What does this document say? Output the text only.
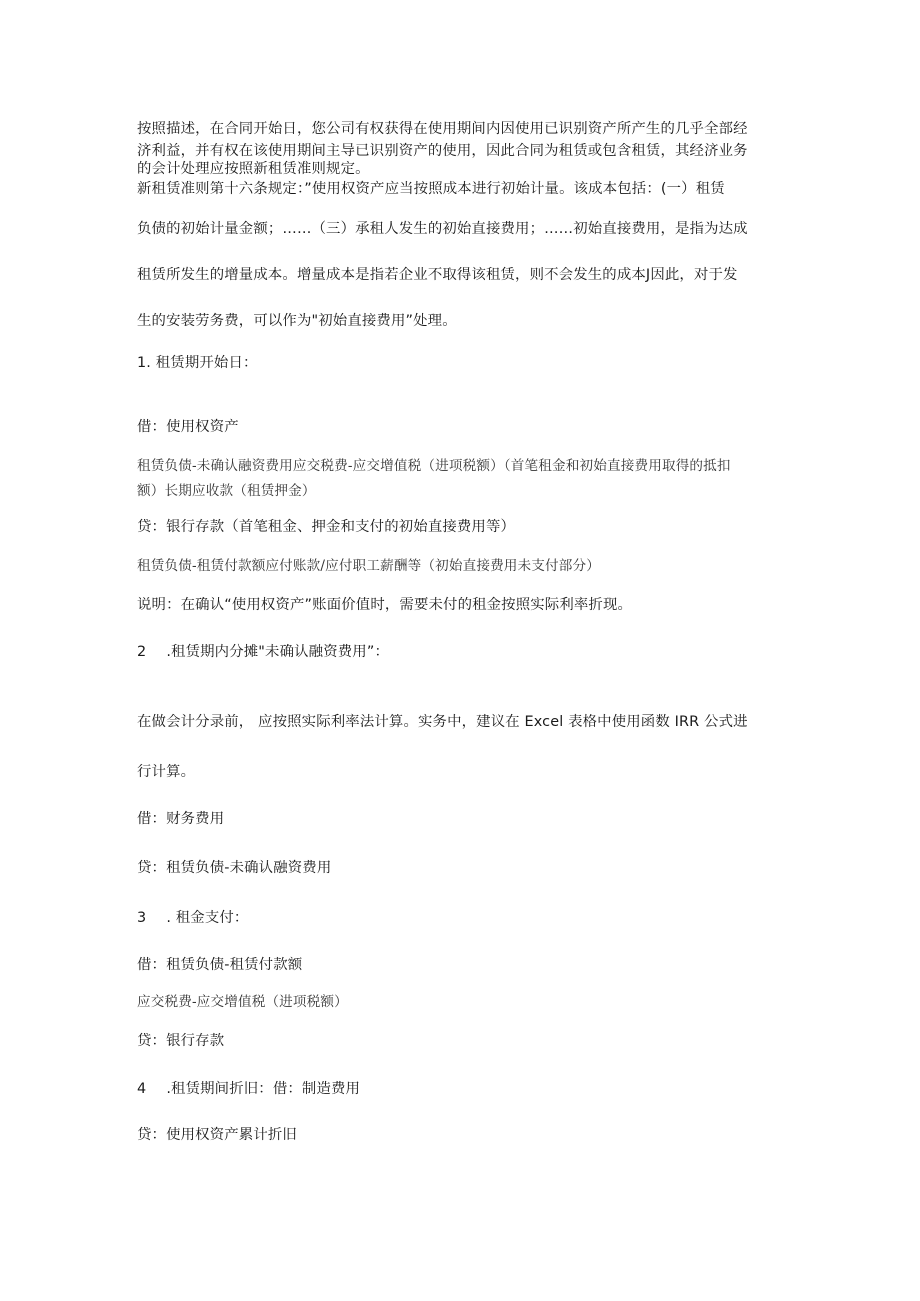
按照描述，在合同开始日，您公司有权获得在使用期间内因使用已识别资产所产生的几乎全部经
济利益，并有权在该使用期间主导已识别资产的使用，因此合同为租赁或包含租赁，其经济业务
的会计处理应按照新租赁准则规定。
新租赁准则第十六条规定：”使用权资产应当按照成本进行初始计量。该成本包括：(一）租赁
负债的初始计量金额；……（三）承租人发生的初始直接费用；……初始直接费用，是指为达成
租赁所发生的增量成本。增量成本是指若企业不取得该租赁，则不会发生的成本J因此，对于发
生的安装劳务费，可以作为"初始直接费用”处理。
1. 租赁期开始日：
借：使用权资产
租赁负债-未确认融资费用应交税费-应交增值税（进项税额）（首笔租金和初始直接费用取得的抵扣
额）长期应收款（租赁押金）
贷：银行存款（首笔租金、押金和支付的初始直接费用等）
租赁负债-租赁付款额应付账款/应付职工薪酬等（初始直接费用未支付部分）
说明：在确认“使用权资产”账面价值时，需要未付的租金按照实际利率折现。
2 .租赁期内分摊"未确认融资费用”：
在做会计分录前， 应按照实际利率法计算。实务中，建议在 Excel 表格中使用函数 IRR 公式进
行计算。
借：财务费用
贷：租赁负债-未确认融资费用
3 . 租金支付：
借：租赁负债-租赁付款额
应交税费-应交增值税（进项税额）
贷：银行存款
4 .租赁期间折旧：借：制造费用
贷：使用权资产累计折旧
